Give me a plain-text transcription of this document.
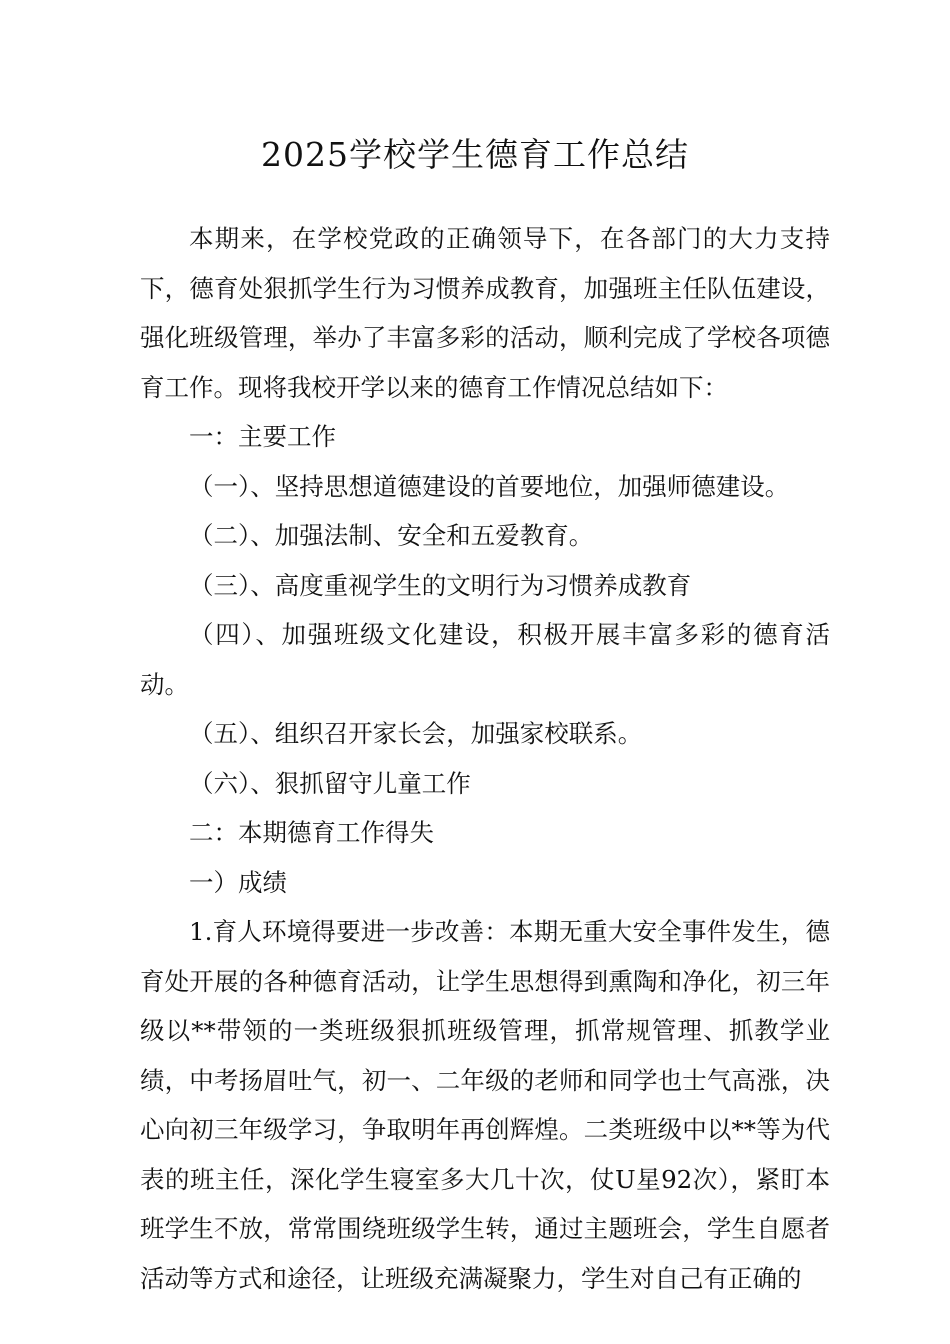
2025学校学生德育工作总结

本期来，在学校党政的正确领导下，在各部门的大力支持下，德育处狠抓学生行为习惯养成教育，加强班主任队伍建设，强化班级管理，举办了丰富多彩的活动，顺利完成了学校各项德育工作。现将我校开学以来的德育工作情况总结如下：

一：主要工作

（一）、坚持思想道德建设的首要地位，加强师德建设。

（二）、加强法制、安全和五爱教育。

（三）、高度重视学生的文明行为习惯养成教育

（四）、加强班级文化建设，积极开展丰富多彩的德育活动。

（五）、组织召开家长会，加强家校联系。

（六）、狠抓留守儿童工作

二：本期德育工作得失

一）成绩

1.育人环境得要进一步改善：本期无重大安全事件发生，德育处开展的各种德育活动，让学生思想得到熏陶和净化，初三年级以**带领的一类班级狠抓班级管理，抓常规管理、抓教学业绩，中考扬眉吐气，初一、二年级的老师和同学也士气高涨，决心向初三年级学习，争取明年再创辉煌。二类班级中以**等为代表的班主任，深化学生寝室多大几十次，仗U星92次），紧盯本班学生不放，常常围绕班级学生转，通过主题班会，学生自愿者活动等方式和途径，让班级充满凝聚力，学生对自己有正确的
